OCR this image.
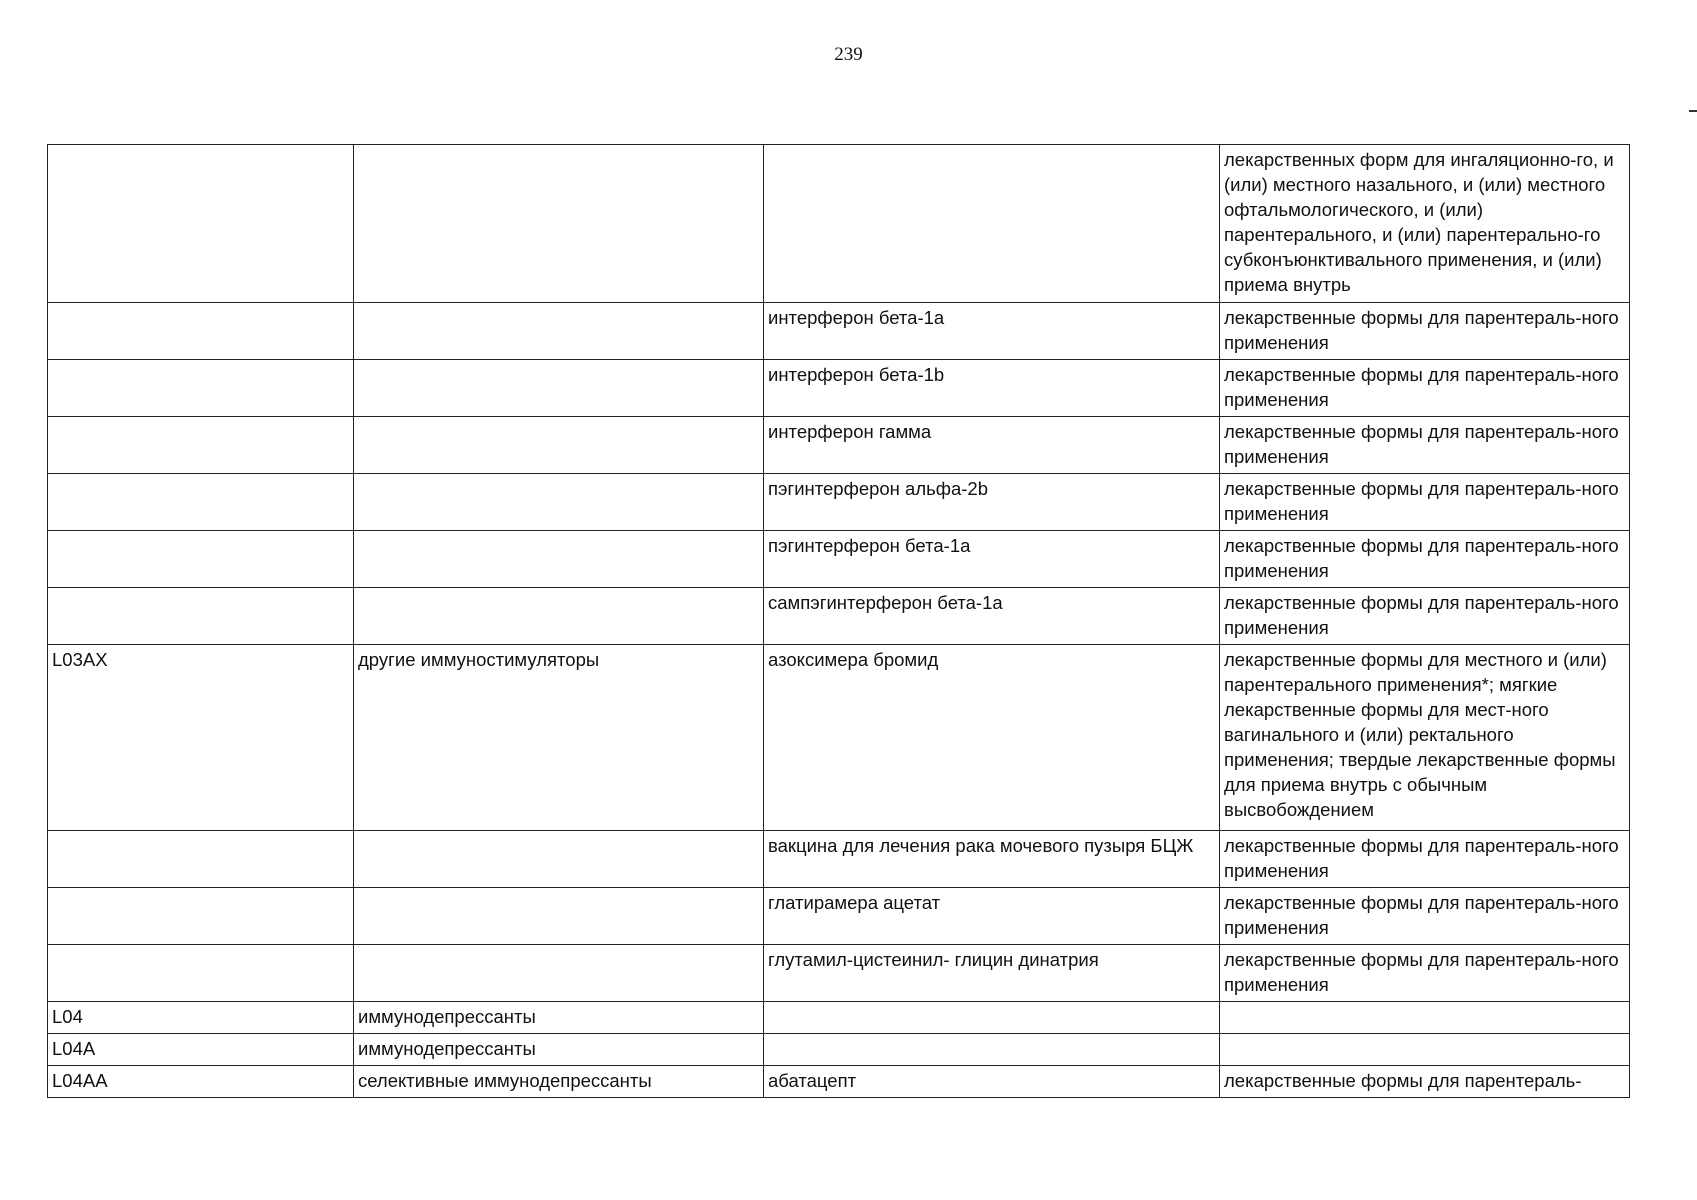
239
			лекарственных форм для ингаляционно-го, и (или) местного назального, и (или) местного офтальмологического, и (или) парентерального, и (или) парентерально-го субконъюнктивального применения, и (или) приема внутрь
		интерферон бета-1a	лекарственные формы для парентераль-ного применения
		интерферон бета-1b	лекарственные формы для парентераль-ного применения
		интерферон гамма	лекарственные формы для парентераль-ного применения
		пэгинтерферон альфа-2b	лекарственные формы для парентераль-ного применения
		пэгинтерферон бета-1a	лекарственные формы для парентераль-ного применения
		сампэгинтерферон бета-1a	лекарственные формы для парентераль-ного применения
L03AX	другие иммуностимуляторы	азоксимера бромид	лекарственные формы для местного и (или) парентерального применения*; мягкие лекарственные формы для мест-ного вагинального и (или) ректального применения; твердые лекарственные формы для приема внутрь с обычным высвобождением
		вакцина для лечения рака мочевого пузыря БЦЖ	лекарственные формы для парентераль-ного применения
		глатирамера ацетат	лекарственные формы для парентераль-ного применения
		глутамил-цистеинил- глицин динатрия	лекарственные формы для парентераль-ного применения
L04	иммунодепрессанты		
L04A	иммунодепрессанты		
L04AA	селективные иммунодепрессанты	абатацепт	лекарственные формы для парентераль-
